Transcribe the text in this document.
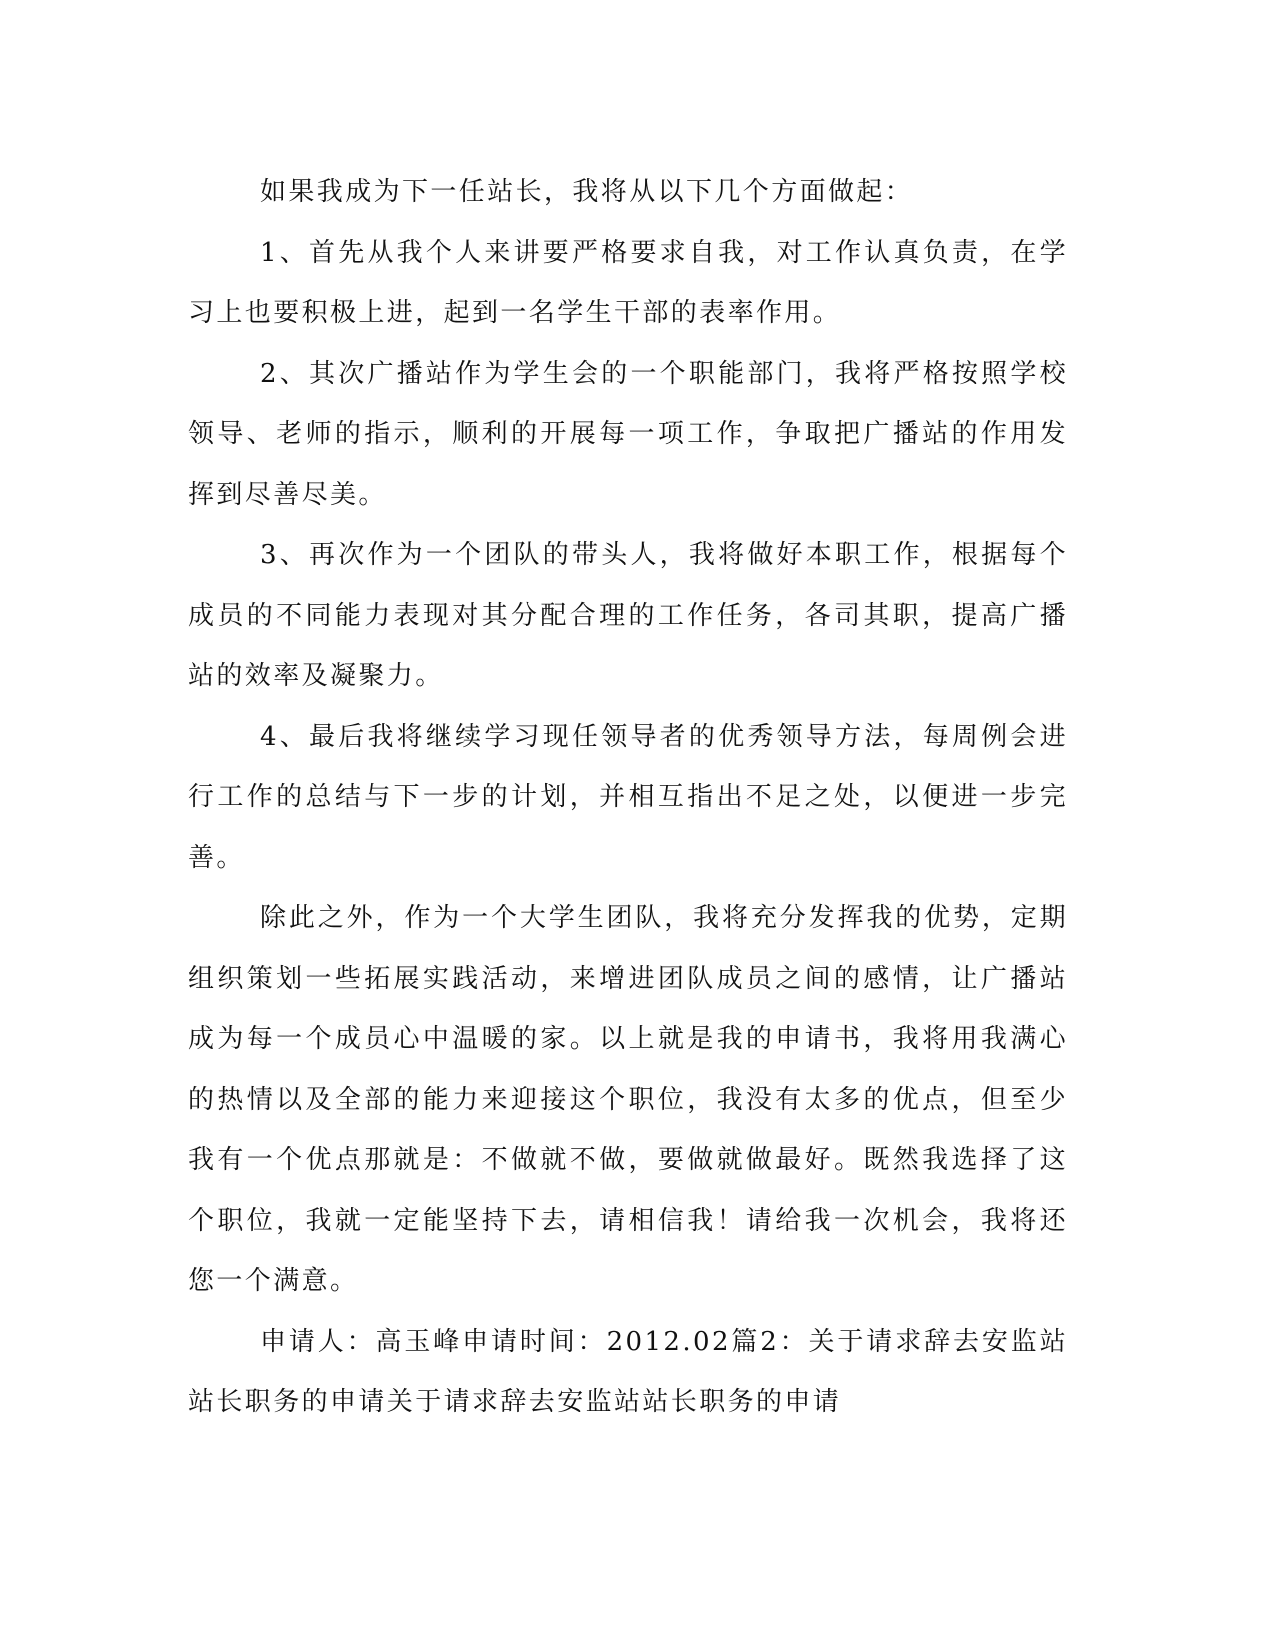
如果我成为下一任站长，我将从以下几个方面做起：

1、首先从我个人来讲要严格要求自我，对工作认真负责，在学习上也要积极上进，起到一名学生干部的表率作用。

2、其次广播站作为学生会的一个职能部门，我将严格按照学校领导、老师的指示，顺利的开展每一项工作，争取把广播站的作用发挥到尽善尽美。

3、再次作为一个团队的带头人，我将做好本职工作，根据每个成员的不同能力表现对其分配合理的工作任务，各司其职，提高广播站的效率及凝聚力。

4、最后我将继续学习现任领导者的优秀领导方法，每周例会进行工作的总结与下一步的计划，并相互指出不足之处，以便进一步完善。

除此之外，作为一个大学生团队，我将充分发挥我的优势，定期组织策划一些拓展实践活动，来增进团队成员之间的感情，让广播站成为每一个成员心中温暖的家。以上就是我的申请书，我将用我满心的热情以及全部的能力来迎接这个职位，我没有太多的优点，但至少我有一个优点那就是：不做就不做，要做就做最好。既然我选择了这个职位，我就一定能坚持下去，请相信我！请给我一次机会，我将还您一个满意。

申请人：高玉峰申请时间：2012.02篇2：关于请求辞去安监站站长职务的申请关于请求辞去安监站站长职务的申请
